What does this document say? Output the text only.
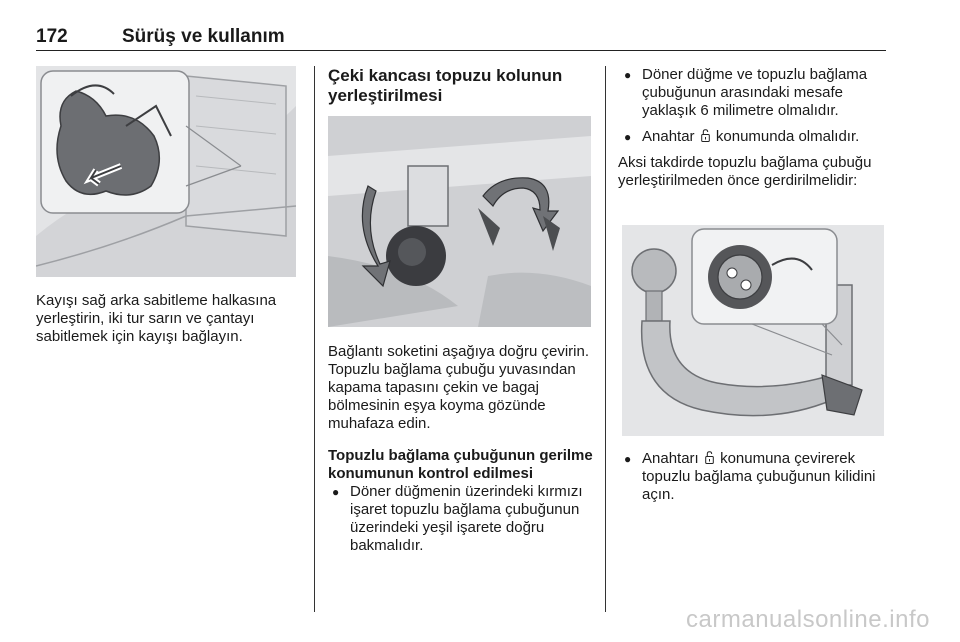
172	Sürüş ve kullanım

Kayışı sağ arka sabitleme halkasına yerleştirin, iki tur sarın ve çantayı sabitlemek için kayışı bağlayın.

Çeki kancası topuzu kolunun yerleştirilmesi

Bağlantı soketini aşağıya doğru çevirin. Topuzlu bağlama çubuğu yuvasından kapama tapasını çekin ve bagaj bölmesinin eşya koyma gözünde muhafaza edin.

Topuzlu bağlama çubuğunun gerilme konumunun kontrol edilmesi

● Döner düğmenin üzerindeki kırmızı işaret topuzlu bağlama çubuğunun üzerindeki yeşil işarete doğru bakmalıdır.
● Döner düğme ve topuzlu bağlama çubuğunun arasındaki mesafe yaklaşık 6 milimetre olmalıdır.
● Anahtar konumunda olmalıdır.

Aksi takdirde topuzlu bağlama çubuğu yerleştirilmeden önce gerdirilmelidir:

● Anahtarı konumuna çevirerek topuzlu bağlama çubuğunun kilidini açın.
carmanualsonline.info
